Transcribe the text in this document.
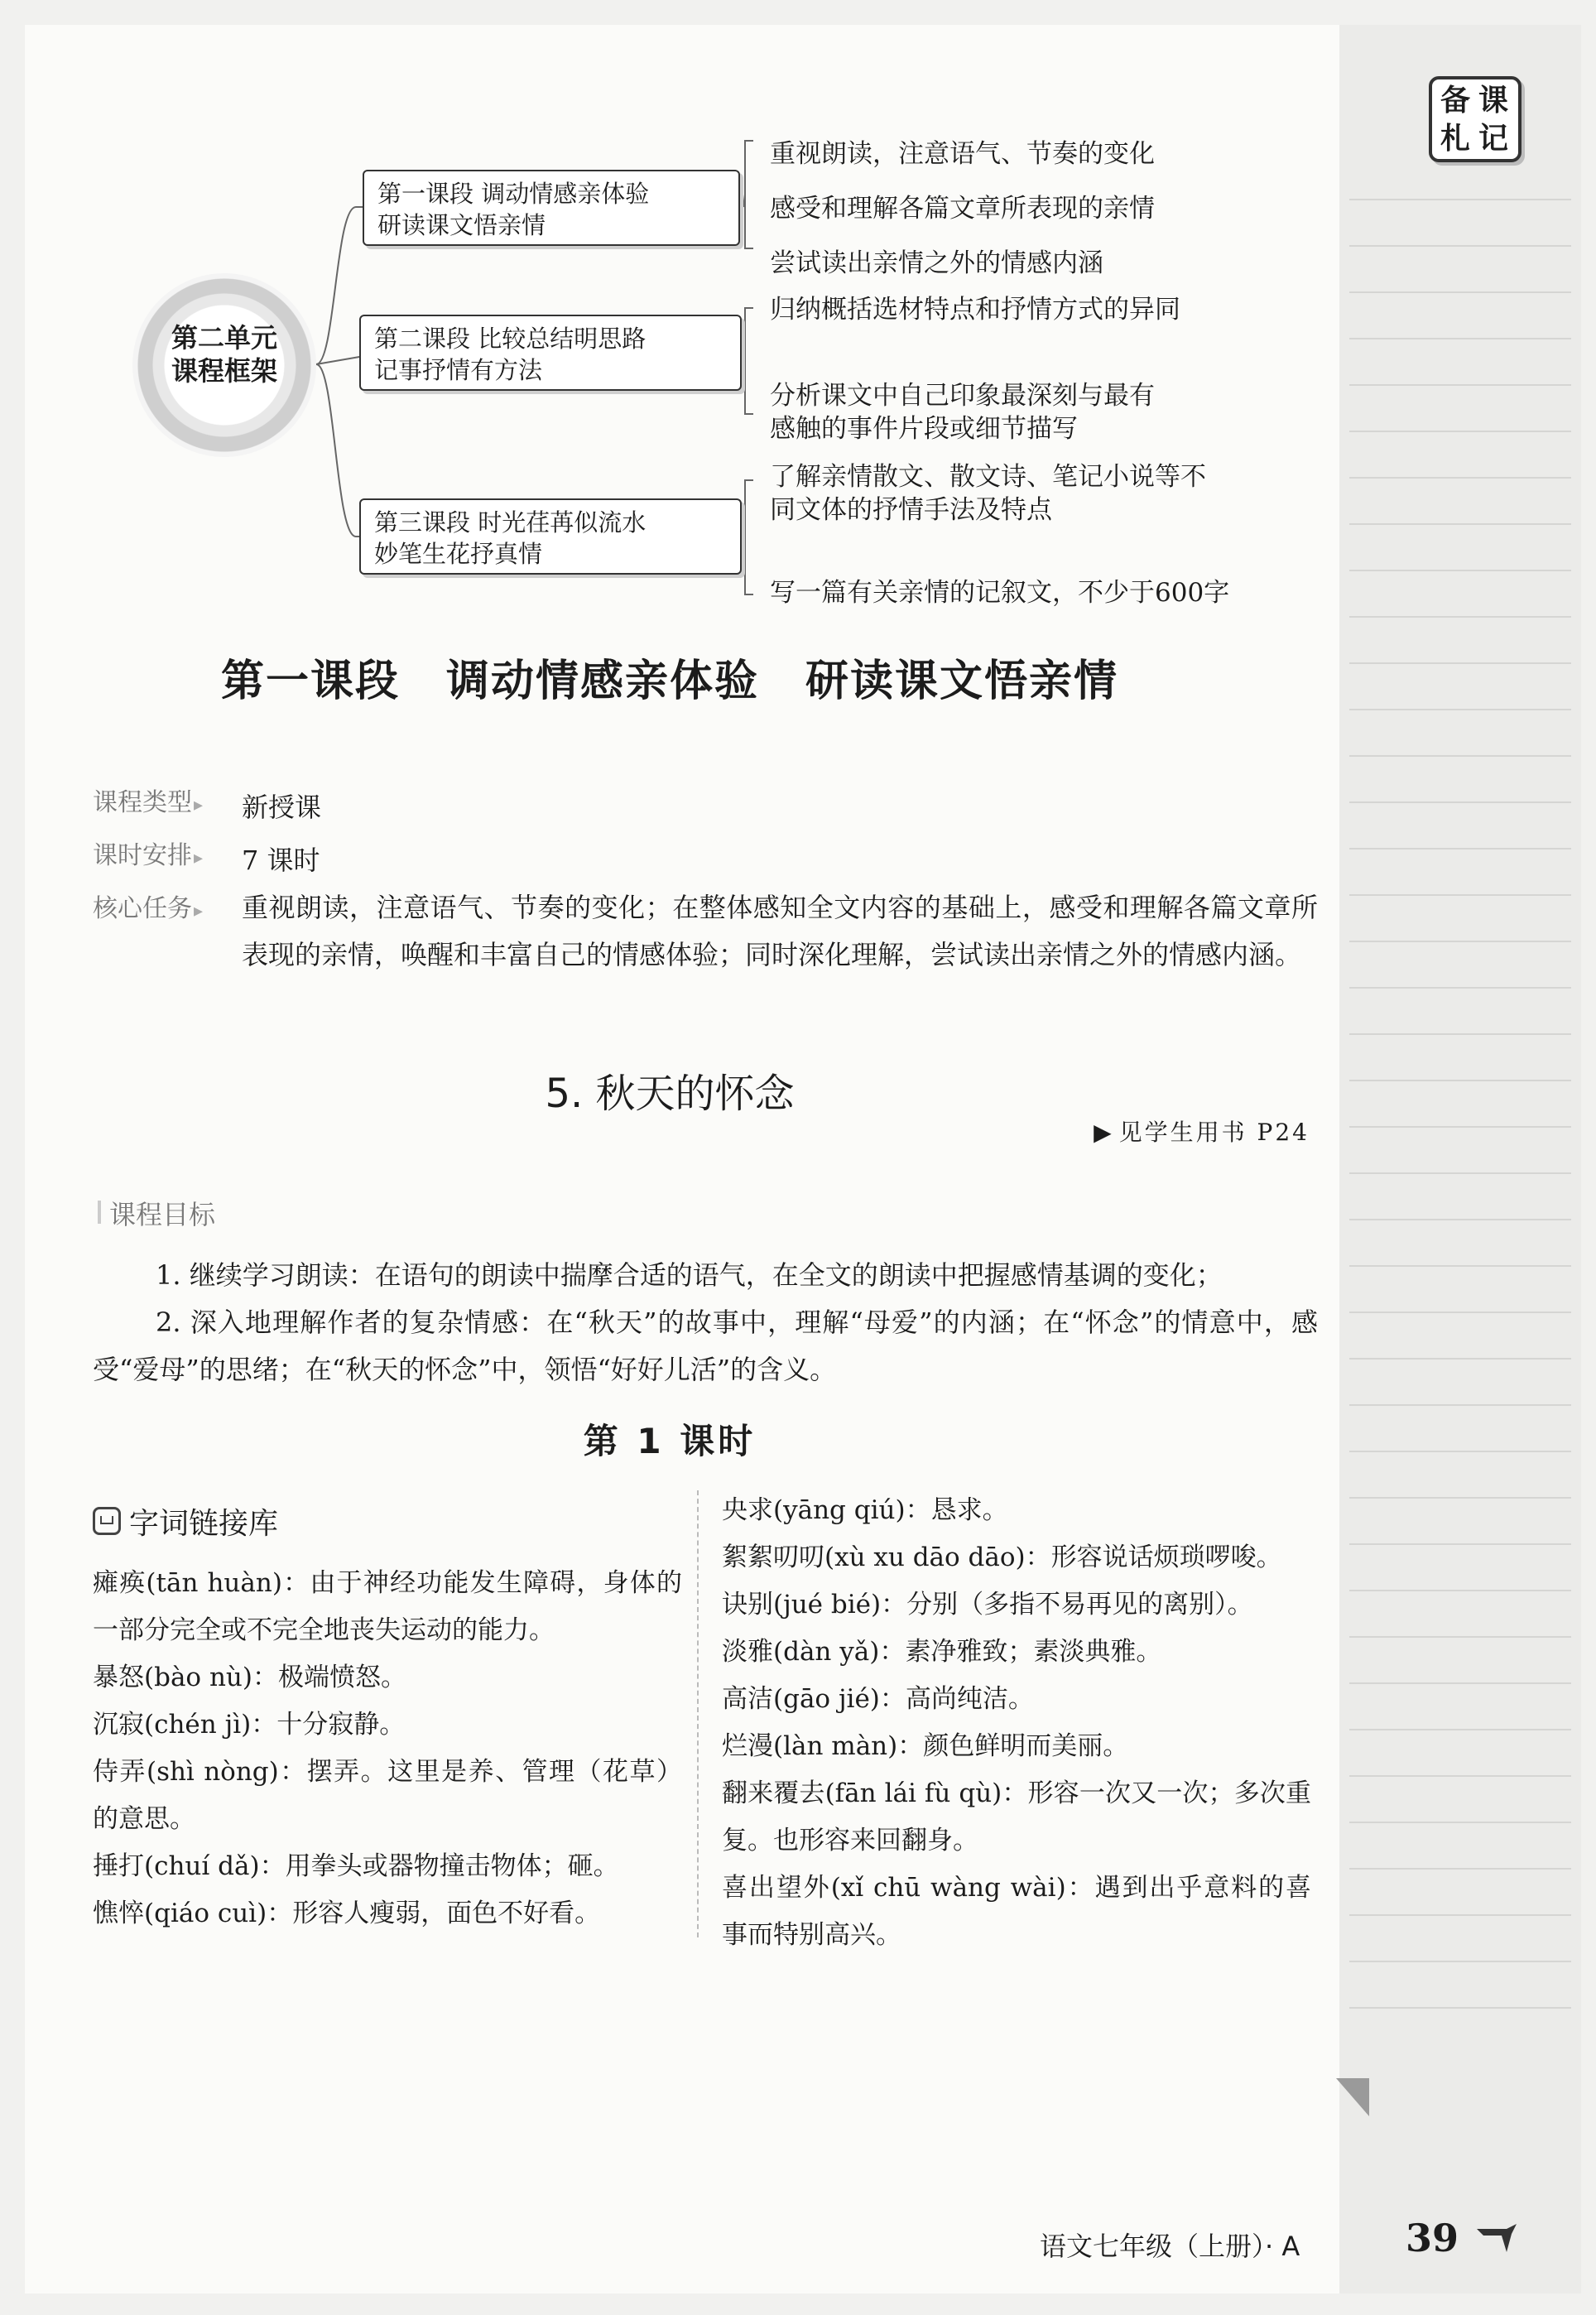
备 课
札 记
第二单元
课程框架
第一课段 调动情感亲体验
研读课文悟亲情
第二课段 比较总结明思路
记事抒情有方法
第三课段 时光荏苒似流水
妙笔生花抒真情
重视朗读，注意语气、节奏的变化
感受和理解各篇文章所表现的亲情
尝试读出亲情之外的情感内涵
归纳概括选材特点和抒情方式的异同
分析课文中自己印象最深刻与最有
感触的事件片段或细节描写
了解亲情散文、散文诗、笔记小说等不
同文体的抒情手法及特点
写一篇有关亲情的记叙文，不少于600字
第一课段 调动情感亲体验 研读课文悟亲情
课程类型 ▸	新授课
课时安排 ▸	7 课时
核心任务 ▸	重视朗读，注意语气、节奏的变化；在整体感知全文内容的基础上，感受和理解各篇文章所表现的亲情，唤醒和丰富自己的情感体验；同时深化理解，尝试读出亲情之外的情感内涵。
5. 秋天的怀念
▶ 见学生用书 P24
课程目标
1. 继续学习朗读：在语句的朗读中揣摩合适的语气，在全文的朗读中把握感情基调的变化；
2. 深入地理解作者的复杂情感：在“秋天”的故事中，理解“母爱”的内涵；在“怀念”的情意中，感受“爱母”的思绪；在“秋天的怀念”中，领悟“好好儿活”的含义。
第 1 课时
字词链接库
瘫痪(tān huàn)：由于神经功能发生障碍，身体的一部分完全或不完全地丧失运动的能力。
暴怒(bào nù)：极端愤怒。
沉寂(chén jì)：十分寂静。
侍弄(shì nòng)：摆弄。这里是养、管理（花草）的意思。
捶打(chuí dǎ)：用拳头或器物撞击物体；砸。
憔悴(qiáo cuì)：形容人瘦弱，面色不好看。
央求(yāng qiú)：恳求。
絮絮叨叨(xù xu dāo dāo)：形容说话烦琐啰唆。
诀别(jué bié)：分别（多指不易再见的离别）。
淡雅(dàn yǎ)：素净雅致；素淡典雅。
高洁(gāo jié)：高尚纯洁。
烂漫(làn màn)：颜色鲜明而美丽。
翻来覆去(fān lái fù qù)：形容一次又一次；多次重复。也形容来回翻身。
喜出望外(xǐ chū wàng wài)：遇到出乎意料的喜事而特别高兴。
语文七年级（上册）· A	39
